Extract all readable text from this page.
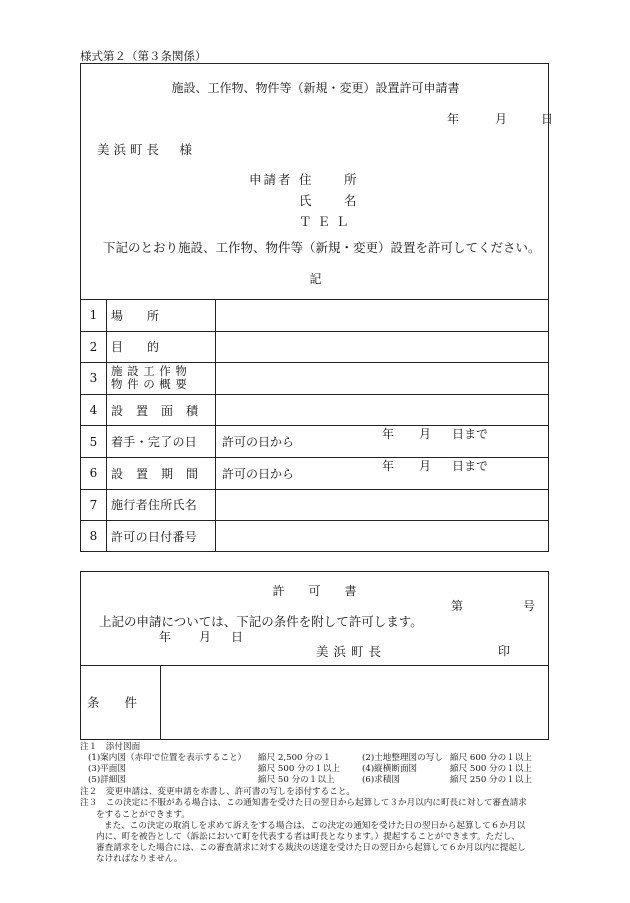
様式第２（第３条関係）
施設、工作物、物件等（新規・変更）設置許可申請書
年	月	日
美浜町長　様
申請者 住　所
氏　名
ＴＥＬ
下記のとおり施設、工作物、物件等（新規・変更）設置を許可してください。
記
1	場　　所	

2	目　　的	

3	施設工作物
物件の概要	

4	設置面積	

5	着手・完了の日	許可の日から
年 月 日まで

6	設置期間	許可の日から
年 月 日まで

7	施行者住所氏名	

8	許可の日付番号	

許　　可　　書
第	号
上記の申請については、下記の条件を附して許可します。
年 月 日
美浜町長	印
条　　件
注１　添付図面
(1)案内図（赤印で位置を表示すること） 縮尺 2,500 分の１	(2)土地整理図の写し 縮尺 600 分の１以上
(3)平面図	縮尺 500 分の１以上	(4)縦横断面図	縮尺 500 分の１以上
(5)詳細図	縮尺 50 分の１以上	(6)求積図	縮尺 250 分の１以上
注２　変更申請は、変更申請を赤書し、許可書の写しを添付すること。
注３　この決定に不服がある場合は、この通知書を受けた日の翌日から起算して３か月以内に町長に対して審査請求
をすることができます。
また、この決定の取消しを求めて訴えをする場合は、この決定の通知を受けた日の翌日から起算して６か月以
内に、町を被告として（訴訟において町を代表する者は町長となります。）提起することができます。ただし、
審査請求をした場合には、この審査請求に対する裁決の送達を受けた日の翌日から起算して６か月以内に提起し
なければなりません。
